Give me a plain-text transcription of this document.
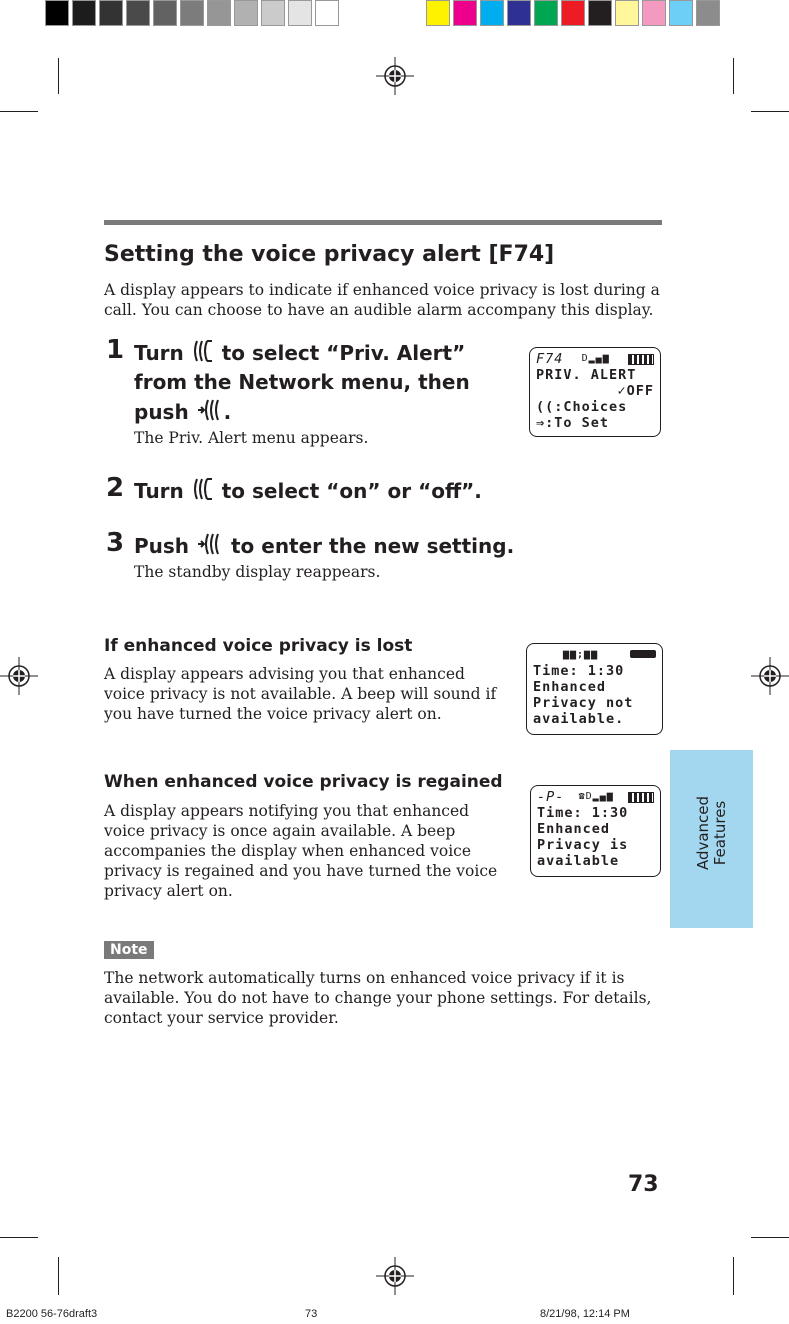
Setting the voice privacy alert [F74]
A display appears to indicate if enhanced voice privacy is lost during a
call. You can choose to have an audible alarm accompany this display.
1 Turn to select “Priv. Alert”
from the Network menu, then
push .
The Priv. Alert menu appears.
F74 D▂▄▆
PRIV. ALERT
✓OFF
((:Choices
⇒:To Set
2 Turn to select “on” or “off”.
3 Push to enter the new setting.
The standby display reappears.
If enhanced voice privacy is lost
A display appears advising you that enhanced
voice privacy is not available. A beep will sound if
you have turned the voice privacy alert on.
▆▆;▆▆
Time: 1:30
Enhanced
Privacy not
available.
When enhanced voice privacy is regained
A display appears notifying you that enhanced
voice privacy is once again available. A beep
accompanies the display when enhanced voice
privacy is regained and you have turned the voice
privacy alert on.
-P- ☎D▂▄▆
Time: 1:30
Enhanced
Privacy is
available	Advanced Features
Note
The network automatically turns on enhanced voice privacy if it is
available. You do not have to change your phone settings. For details,
contact your service provider.
73
B2200 56-76draft3	73	8/21/98, 12:14 PM
